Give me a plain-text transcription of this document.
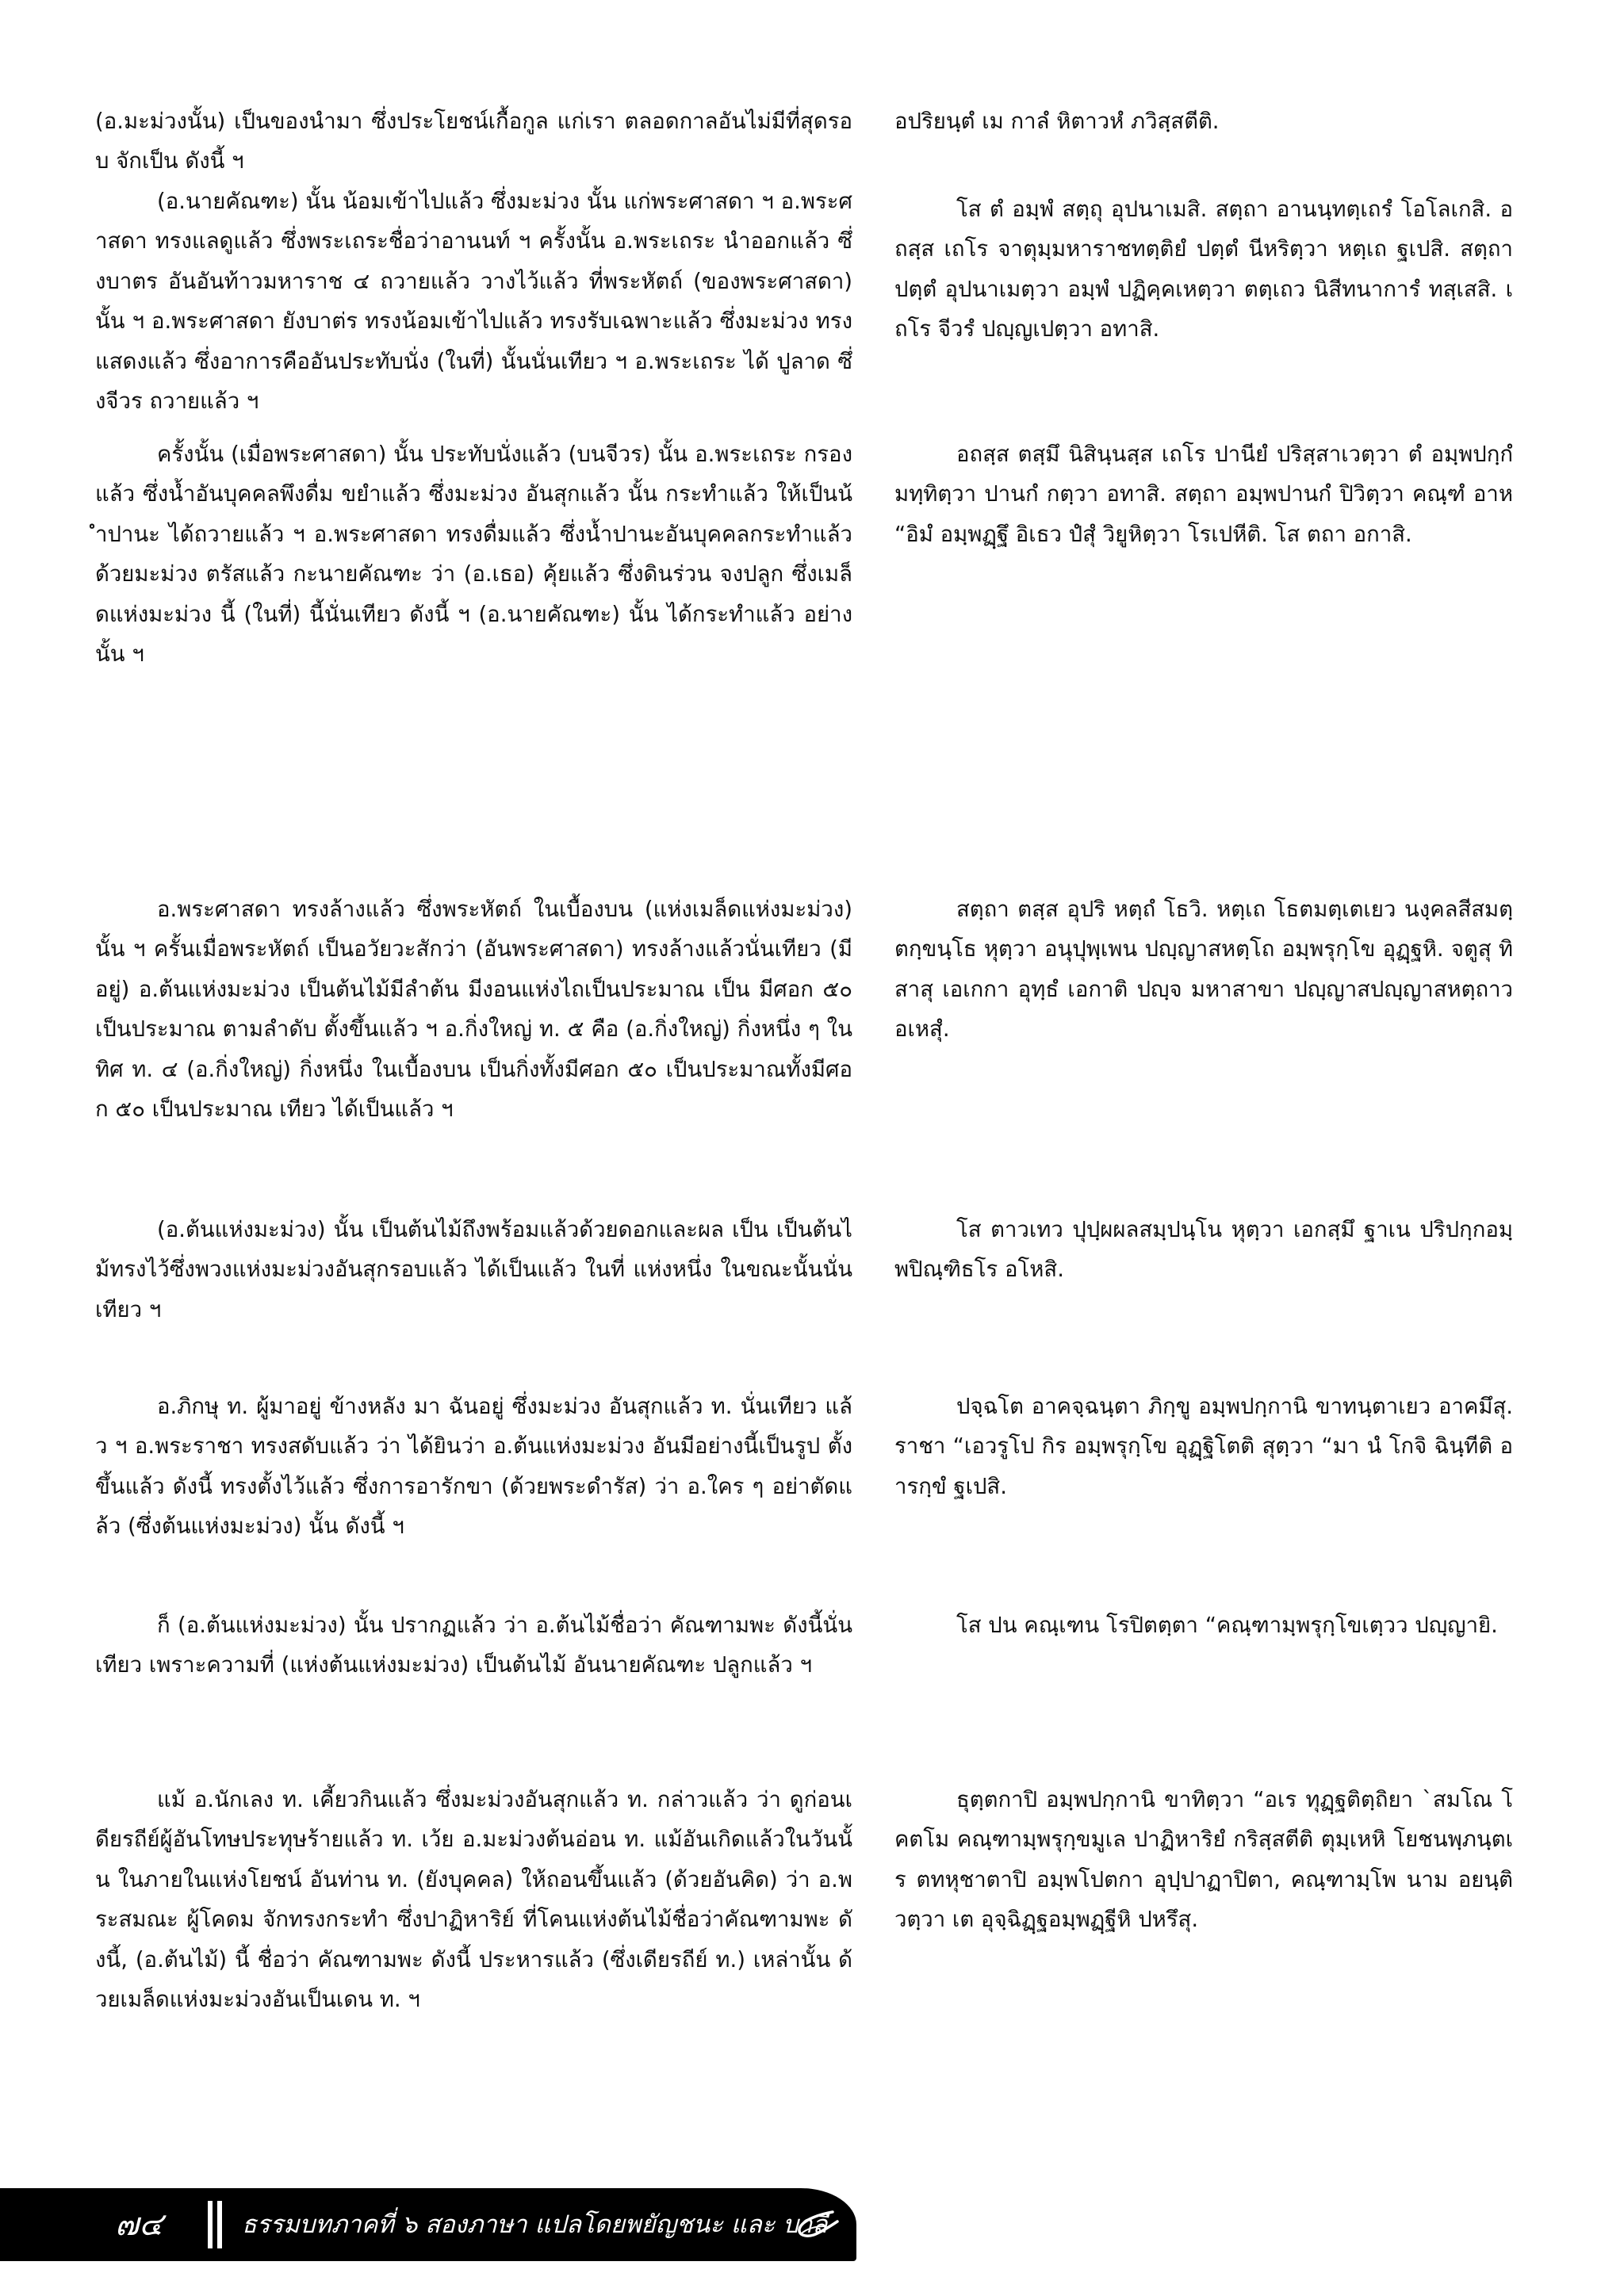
(อ.มะม่วงนั้น) เป็นของนำมา ซึ่งประโยชน์เกื้อกูล แก่เรา ตลอดกาลอันไม่มีที่สุดรอบ จักเป็น ดังนี้ ฯ

(อ.นายคัณฑะ) นั้น น้อมเข้าไปแล้ว ซึ่งมะม่วง นั้น แก่พระศาสดา ฯ อ.พระศาสดา ทรงแลดูแล้ว ซึ่งพระเถระชื่อว่าอานนท์ ฯ ครั้งนั้น อ.พระเถระ นำออกแล้ว ซึ่งบาตร อันอันท้าวมหาราช ๔ ถวายแล้ว วางไว้แล้ว ที่พระหัตถ์ (ของพระศาสดา) นั้น ฯ อ.พระศาสดา ยังบาต่ร ทรงน้อมเข้าไปแล้ว ทรงรับเฉพาะแล้ว ซึ่งมะม่วง ทรงแสดงแล้ว ซึ่งอาการคืออันประทับนั่ง (ในที่) นั้นนั่นเทียว ฯ อ.พระเถระ ได้ ปูลาด ซึ่งจีวร ถวายแล้ว ฯ

ครั้งนั้น (เมื่อพระศาสดา) นั้น ประทับนั่งแล้ว (บนจีวร) นั้น อ.พระเถระ กรองแล้ว ซึ่งน้ำอันบุคคลพึงดื่ม ขยำแล้ว ซึ่งมะม่วง อันสุกแล้ว นั้น กระทำแล้ว ให้เป็นน้ำปานะ ได้ถวายแล้ว ฯ อ.พระศาสดา ทรงดื่มแล้ว ซึ่งน้ำปานะอันบุคคลกระทำแล้ว ด้วยมะม่วง ตรัสแล้ว กะนายคัณฑะ ว่า (อ.เธอ) คุ้ยแล้ว ซึ่งดินร่วน จงปลูก ซึ่งเมล็ดแห่งมะม่วง นี้ (ในที่) นี้นั่นเทียว ดังนี้ ฯ (อ.นายคัณฑะ) นั้น ได้กระทำแล้ว อย่างนั้น ฯ

อ.พระศาสดา ทรงล้างแล้ว ซึ่งพระหัตถ์ ในเบื้องบน (แห่งเมล็ดแห่งมะม่วง) นั้น ฯ ครั้นเมื่อพระหัตถ์ เป็นอวัยวะสักว่า (อันพระศาสดา) ทรงล้างแล้วนั่นเทียว (มีอยู่) อ.ต้นแห่งมะม่วง เป็นต้นไม้มีลำต้น มีงอนแห่งไถเป็นประมาณ เป็น มีศอก ๕๐ เป็นประมาณ ตามลำดับ ตั้งขึ้นแล้ว ฯ อ.กิ่งใหญ่ ท. ๕ คือ (อ.กิ่งใหญ่) กิ่งหนึ่ง ๆ ในทิศ ท. ๔ (อ.กิ่งใหญ่) กิ่งหนึ่ง ในเบื้องบน เป็นกิ่งทั้งมีศอก ๕๐ เป็นประมาณทั้งมีศอก ๕๐ เป็นประมาณ เทียว ได้เป็นแล้ว ฯ

(อ.ต้นแห่งมะม่วง) นั้น เป็นต้นไม้ถึงพร้อมแล้วด้วยดอกและผล เป็น เป็นต้นไม้ทรงไว้ซึ่งพวงแห่งมะม่วงอันสุกรอบแล้ว ได้เป็นแล้ว ในที่ แห่งหนึ่ง ในขณะนั้นนั่นเทียว ฯ

อ.ภิกษุ ท. ผู้มาอยู่ ข้างหลัง มา ฉันอยู่ ซึ่งมะม่วง อันสุกแล้ว ท. นั่นเทียว แล้ว ฯ อ.พระราชา ทรงสดับแล้ว ว่า ได้ยินว่า อ.ต้นแห่งมะม่วง อันมีอย่างนี้เป็นรูป ตั้งขึ้นแล้ว ดังนี้ ทรงตั้งไว้แล้ว ซึ่งการอารักขา (ด้วยพระดำรัส) ว่า อ.ใคร ๆ อย่าตัดแล้ว (ซึ่งต้นแห่งมะม่วง) นั้น ดังนี้ ฯ

ก็ (อ.ต้นแห่งมะม่วง) นั้น ปรากฏแล้ว ว่า อ.ต้นไม้ชื่อว่า คัณฑามพะ ดังนี้นั่นเทียว เพราะความที่ (แห่งต้นแห่งมะม่วง) เป็นต้นไม้ อันนายคัณฑะ ปลูกแล้ว ฯ

แม้ อ.นักเลง ท. เคี้ยวกินแล้ว ซึ่งมะม่วงอันสุกแล้ว ท. กล่าวแล้ว ว่า ดูก่อนเดียรถีย์ผู้อันโทษประทุษร้ายแล้ว ท. เว้ย อ.มะม่วงต้นอ่อน ท. แม้อันเกิดแล้วในวันนั้น ในภายในแห่งโยชน์ อันท่าน ท. (ยังบุคคล) ให้ถอนขึ้นแล้ว (ด้วยอันคิด) ว่า อ.พระสมณะ ผู้โคดม จักทรงกระทำ ซึ่งปาฏิหาริย์ ที่โคนแห่งต้นไม้ชื่อว่าคัณฑามพะ ดังนี้, (อ.ต้นไม้) นี้ ชื่อว่า คัณฑามพะ ดังนี้ ประหารแล้ว (ซึ่งเดียรถีย์ ท.) เหล่านั้น ด้วยเมล็ดแห่งมะม่วงอันเป็นเดน ท. ฯ

อปริยนฺตํ เม กาลํ หิตาวหํ ภวิสฺสตีติ.

โส ตํ อมฺพํ สตฺถุ อุปนาเมสิ. สตฺถา อานนฺทตฺเถรํ โอโลเกสิ. อถสฺส เถโร จาตุมฺมหาราชทตฺติยํ ปตฺตํ นีหริตฺวา หตฺเถ ฐเปสิ. สตฺถา ปตฺตํ อุปนาเมตฺวา อมฺพํ ปฏิคฺคเหตฺวา ตตฺเถว นิสีทนาการํ ทสฺเสสิ. เถโร จีวรํ ปญฺญเปตฺวา อทาสิ.

อถสฺส ตสฺมึ นิสินฺนสฺส เถโร ปานียํ ปริสฺสาเวตฺวา ตํ อมฺพปกฺกํ มทฺทิตฺวา ปานกํ กตฺวา อทาสิ. สตฺถา อมฺพปานกํ ปิวิตฺวา คณฺฑํ อาห “อิมํ อมฺพฏฺฐึ อิเธว ปํสุํ วิยูหิตฺวา โรเปหีติ. โส ตถา อกาสิ.

สตฺถา ตสฺส อุปริ หตฺถํ โธวิ. หตฺเถ โธตมตฺเตเยว นงฺคลสีสมตฺตกฺขนฺโธ หุตฺวา อนุปุพฺเพน ปญฺญาสหตฺโถ อมฺพรุกฺโข อุฏฺฐหิ. จตูสุ ทิสาสุ เอเกกา อุทฺธํ เอกาติ ปญฺจ มหาสาขา ปญฺญาสปญฺญาสหตฺถาว อเหสุํ.

โส ตาวเทว ปุปฺผผลสมฺปนฺโน หุตฺวา เอกสฺมึ ฐาเน ปริปกฺกอมฺพปิณฺฑิธโร อโหสิ.

ปจฺฉโต อาคจฺฉนฺตา ภิกฺขู อมฺพปกฺกานิ ขาทนฺตาเยว อาคมึสุ. ราชา “เอวรูโป กิร อมฺพรุกฺโข อุฏฺฐิโตติ สุตฺวา “มา นํ โกจิ ฉินฺทีติ อารกฺขํ ฐเปสิ.

โส ปน คณฺเฑน โรปิตตฺตา “คณฺฑามฺพรุกฺโขเตฺวว ปญฺญายิ.

ธุตฺตกาปิ อมฺพปกฺกานิ ขาทิตฺวา “อเร ทุฏฺฐติตฺถิยา `สมโณ โคตโม คณฺฑามฺพรุกฺขมูเล ปาฏิหาริยํ กริสฺสตีติ ตุมฺเหหิ โยชนพฺภนฺตเร ตทหุชาตาปิ อมฺพโปตกา อุปฺปาฏาปิตา, คณฺฑามฺโพ นาม อยนฺติ วตฺวา เต อุจฺฉิฏฺฐอมฺพฏฺฐีหิ ปหรึสุ.

๗๔	ธรรมบทภาคที่ ๖ สองภาษา แปลโดยพยัญชนะ และ บาลี
